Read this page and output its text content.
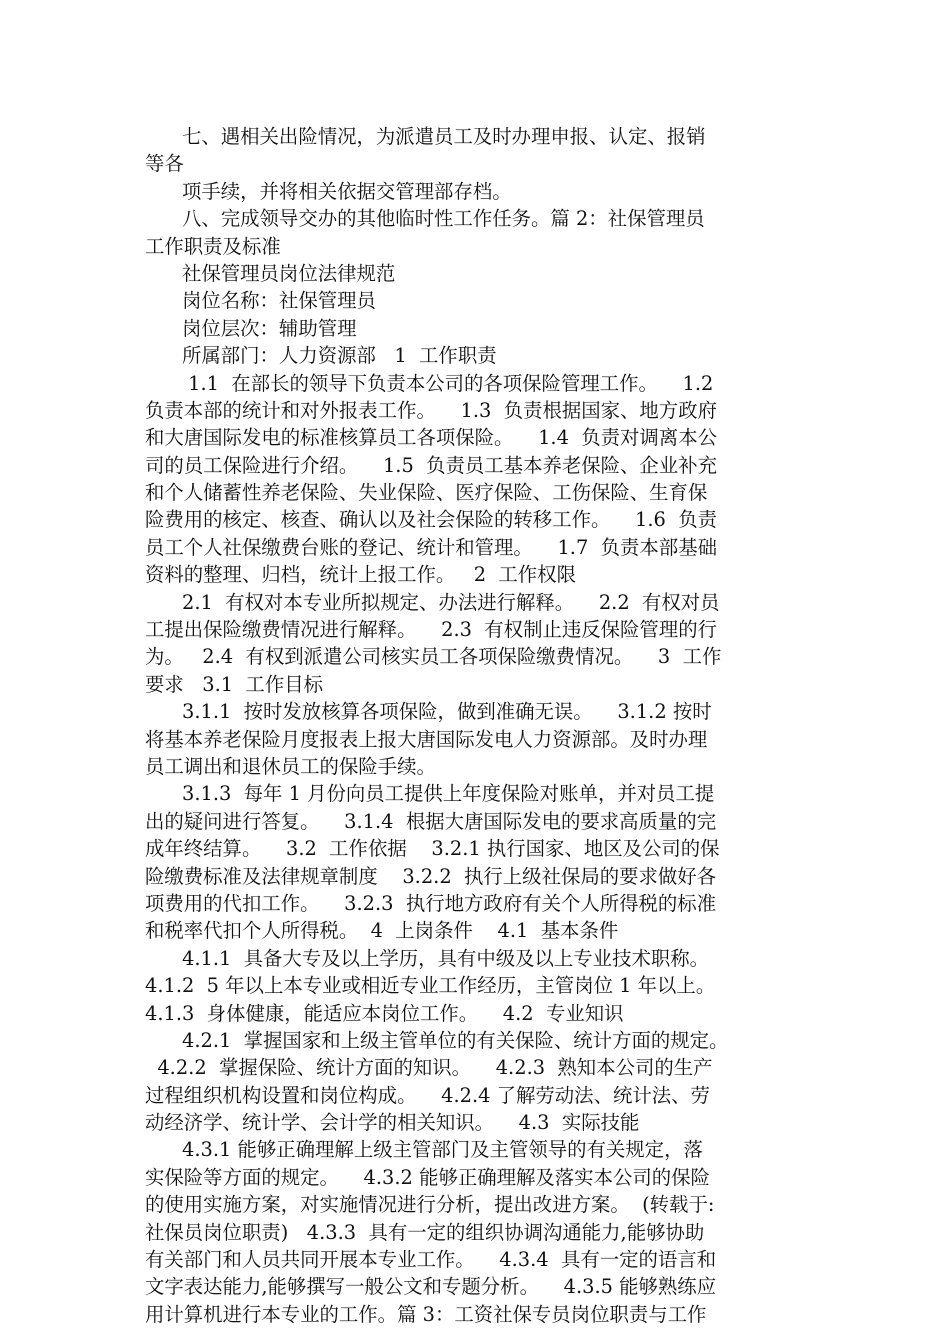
七、遇相关出险情况，为派遣员工及时办理申报、认定、报销
等各
项手续，并将相关依据交管理部存档。
八、完成领导交办的其他临时性工作任务。篇 2：社保管理员
工作职责及标准
社保管理员岗位法律规范
岗位名称：社保管理员
岗位层次：辅助管理
所属部门：人力资源部   1  工作职责
1.1  在部长的领导下负责本公司的各项保险管理工作。    1.2
负责本部的统计和对外报表工作。    1.3  负责根据国家、地方政府
和大唐国际发电的标准核算员工各项保险。    1.4  负责对调离本公
司的员工保险进行介绍。    1.5  负责员工基本养老保险、企业补充
和个人储蓄性养老保险、失业保险、医疗保险、工伤保险、生育保
险费用的核定、核查、确认以及社会保险的转移工作。    1.6  负责
员工个人社保缴费台账的登记、统计和管理。    1.7  负责本部基础
资料的整理、归档，统计上报工作。   2  工作权限
2.1  有权对本专业所拟规定、办法进行解释。    2.2  有权对员
工提出保险缴费情况进行解释。    2.3  有权制止违反保险管理的行
为。   2.4  有权到派遣公司核实员工各项保险缴费情况。    3  工作
要求   3.1  工作目标
3.1.1  按时发放核算各项保险，做到准确无误。    3.1.2 按时
将基本养老保险月度报表上报大唐国际发电人力资源部。及时办理
员工调出和退休员工的保险手续。
3.1.3  每年 1 月份向员工提供上年度保险对账单，并对员工提
出的疑问进行答复。    3.1.4  根据大唐国际发电的要求高质量的完
成年终结算。    3.2  工作依据    3.2.1 执行国家、地区及公司的保
险缴费标准及法律规章制度    3.2.2  执行上级社保局的要求做好各
项费用的代扣工作。    3.2.3  执行地方政府有关个人所得税的标准
和税率代扣个人所得税。  4  上岗条件    4.1  基本条件
4.1.1  具备大专及以上学历，具有中级及以上专业技术职称。
4.1.2  5 年以上本专业或相近专业工作经历，主管岗位 1 年以上。
4.1.3  身体健康，能适应本岗位工作。    4.2  专业知识
4.2.1  掌握国家和上级主管单位的有关保险、统计方面的规定。
4.2.2  掌握保险、统计方面的知识。    4.2.3  熟知本公司的生产
过程组织机构设置和岗位构成。    4.2.4 了解劳动法、统计法、劳
动经济学、统计学、会计学的相关知识。    4.3  实际技能
4.3.1 能够正确理解上级主管部门及主管领导的有关规定，落
实保险等方面的规定。    4.3.2 能够正确理解及落实本公司的保险
的使用实施方案，对实施情况进行分析，提出改进方案。  (转载于:
社保员岗位职责)   4.3.3  具有一定的组织协调沟通能力,能够协助
有关部门和人员共同开展本专业工作。    4.3.4  具有一定的语言和
文字表达能力,能够撰写一般公文和专题分析。    4.3.5 能够熟练应
用计算机进行本专业的工作。篇 3：工资社保专员岗位职责与工作
